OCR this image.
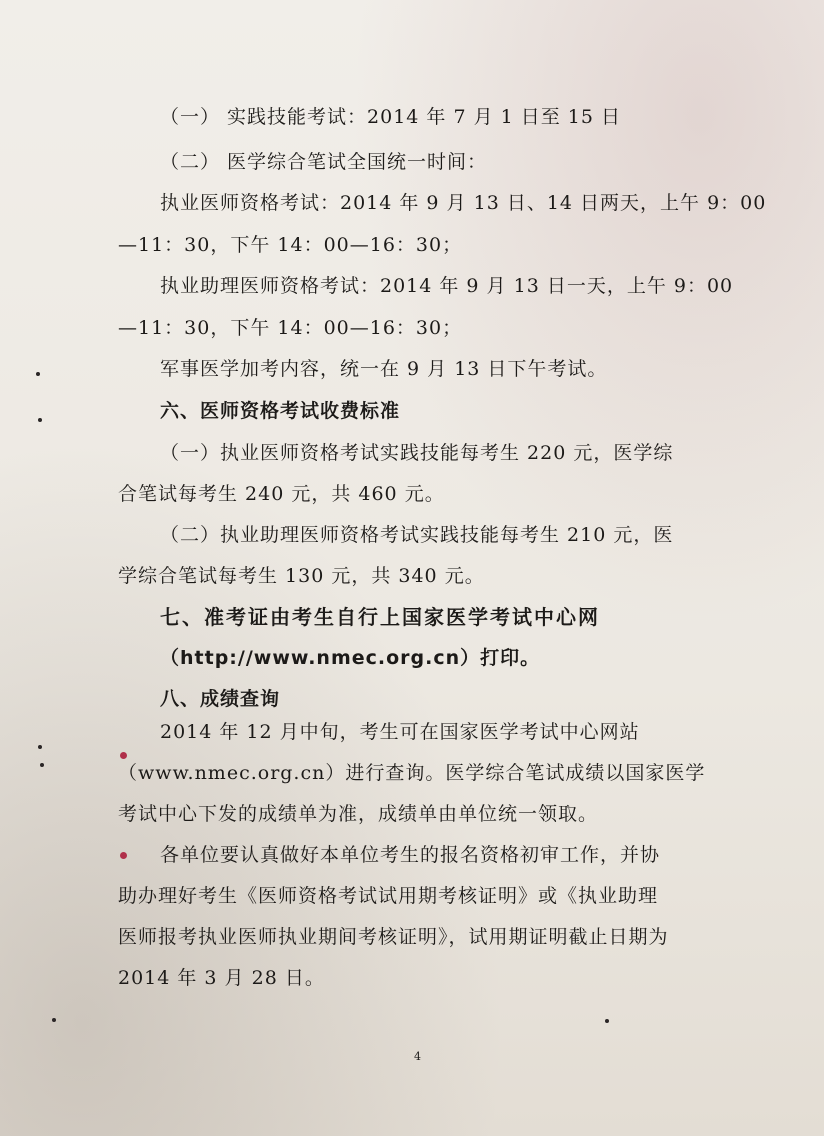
（一） 实践技能考试：2014 年 7 月 1 日至 15 日
（二） 医学综合笔试全国统一时间：
执业医师资格考试：2014 年 9 月 13 日、14 日两天，上午 9：00
—11：30，下午 14：00—16：30；
执业助理医师资格考试：2014 年 9 月 13 日一天，上午 9：00
—11：30，下午 14：00—16：30；
军事医学加考内容，统一在 9 月 13 日下午考试。
六、医师资格考试收费标准
（一）执业医师资格考试实践技能每考生 220 元，医学综
合笔试每考生 240 元，共 460 元。
（二）执业助理医师资格考试实践技能每考生 210 元，医
学综合笔试每考生 130 元，共 340 元。
七、准考证由考生自行上国家医学考试中心网
（http://www.nmec.org.cn）打印。
八、成绩查询
2014 年 12 月中旬，考生可在国家医学考试中心网站
（www.nmec.org.cn）进行查询。医学综合笔试成绩以国家医学
考试中心下发的成绩单为准，成绩单由单位统一领取。
各单位要认真做好本单位考生的报名资格初审工作，并协
助办理好考生《医师资格考试试用期考核证明》或《执业助理
医师报考执业医师执业期间考核证明》，试用期证明截止日期为
2014 年 3 月 28 日。
4
